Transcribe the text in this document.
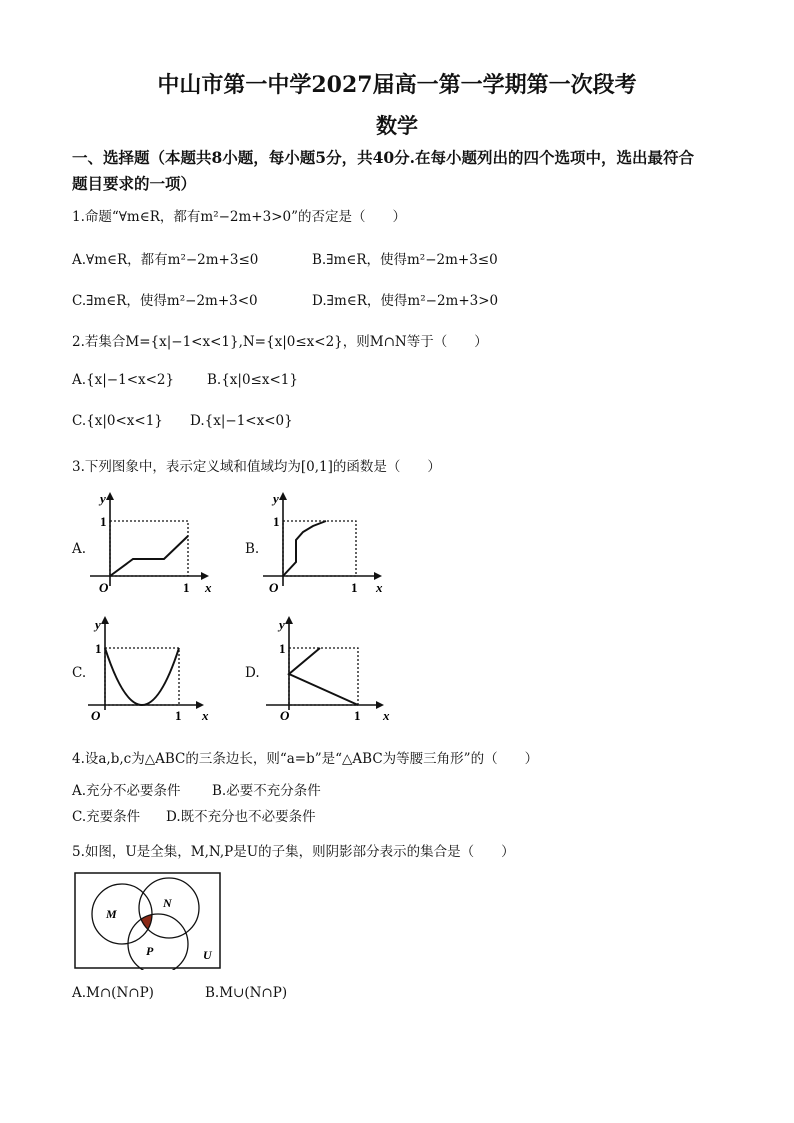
中山市第一中学2027届高一第一学期第一次段考
数学
一、选择题（本题共8小题，每小题5分，共40分.在每小题列出的四个选项中，选出最符合
题目要求的一项）
1.命题“∀m∈R，都有m²−2m+3>0”的否定是（　　）
A.∀m∈R，都有m²−2m+3≤0	B.∃m∈R，使得m²−2m+3≤0
C.∃m∈R，使得m²−2m+3<0	D.∃m∈R，使得m²−2m+3>0
2.若集合M={x|−1<x<1},N={x|0≤x<2}，则M∩N等于（　　）
A.{x|−1<x<2} B.{x|0≤x<1}
C.{x|0<x<1} D.{x|−1<x<0}
3.下列图象中，表示定义域和值域均为[0,1]的函数是（　　）
A.
y
1
O	1 x
B.
y
1
O	1 x
C.
y
1
O	1 x
D.
y
1
O	1 x
4.设a,b,c为△ABC的三条边长，则“a=b”是“△ABC为等腰三角形”的（　　）
A.充分不必要条件 B.必要不充分条件
C.充要条件 D.既不充分也不必要条件
5.如图，U是全集，M,N,P是U的子集，则阴影部分表示的集合是（　　）
M
N
P	U
A.M∩(N∩P)	B.M∪(N∩P)
